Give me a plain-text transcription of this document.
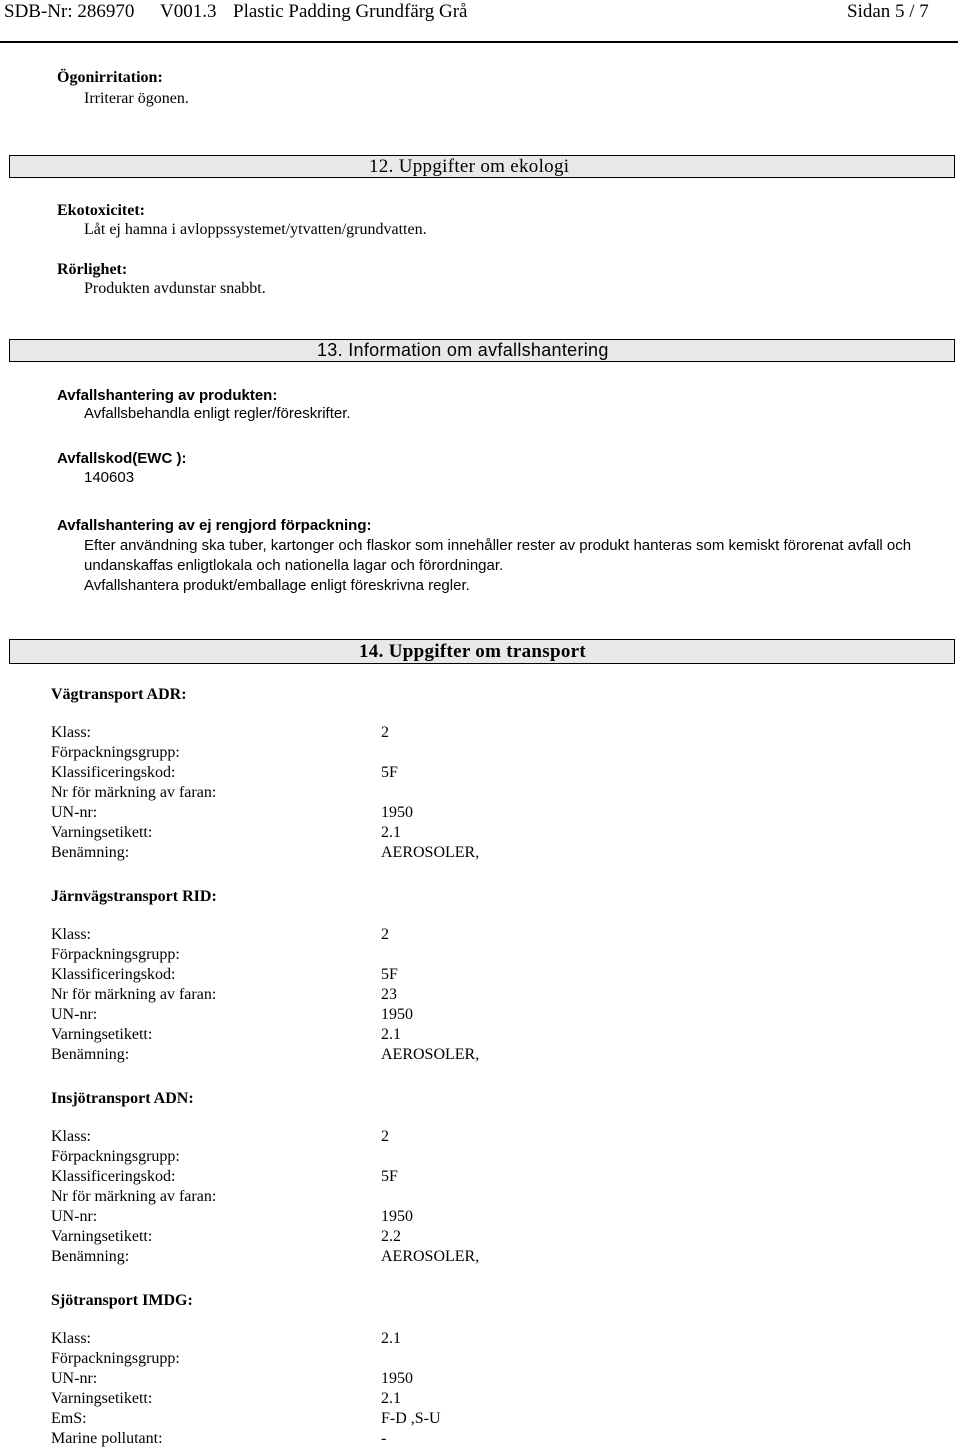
SDB-Nr: 286970 V001.3 Plastic Padding Grundfärg Grå	Sidan 5 / 7
Ögonirritation:
Irriterar ögonen.
12. Uppgifter om ekologi
Ekotoxicitet:
Låt ej hamna i avloppssystemet/ytvatten/grundvatten.
Rörlighet:
Produkten avdunstar snabbt.
13. Information om avfallshantering
Avfallshantering av produkten:
Avfallsbehandla enligt regler/föreskrifter.
Avfallskod(EWC ):
140603
Avfallshantering av ej rengjord förpackning:
Efter användning ska tuber, kartonger och flaskor som innehåller rester av produkt hanteras som kemiskt förorenat avfall och
undanskaffas enligtlokala och nationella lagar och förordningar.
Avfallshantera produkt/emballage enligt föreskrivna regler.
14. Uppgifter om transport
Vägtransport ADR:
Klass:	2
Förpackningsgrupp:
Klassificeringskod:	5F
Nr för märkning av faran:
UN-nr:	1950
Varningsetikett:	2.1
Benämning:	AEROSOLER,
Järnvägstransport RID:
Klass:	2
Förpackningsgrupp:
Klassificeringskod:	5F
Nr för märkning av faran:	23
UN-nr:	1950
Varningsetikett:	2.1
Benämning:	AEROSOLER,
Insjötransport ADN:
Klass:	2
Förpackningsgrupp:
Klassificeringskod:	5F
Nr för märkning av faran:
UN-nr:	1950
Varningsetikett:	2.2
Benämning:	AEROSOLER,
Sjötransport IMDG:
Klass:	2.1
Förpackningsgrupp:
UN-nr:	1950
Varningsetikett:	2.1
EmS:	F-D ,S-U
Marine pollutant:	-
